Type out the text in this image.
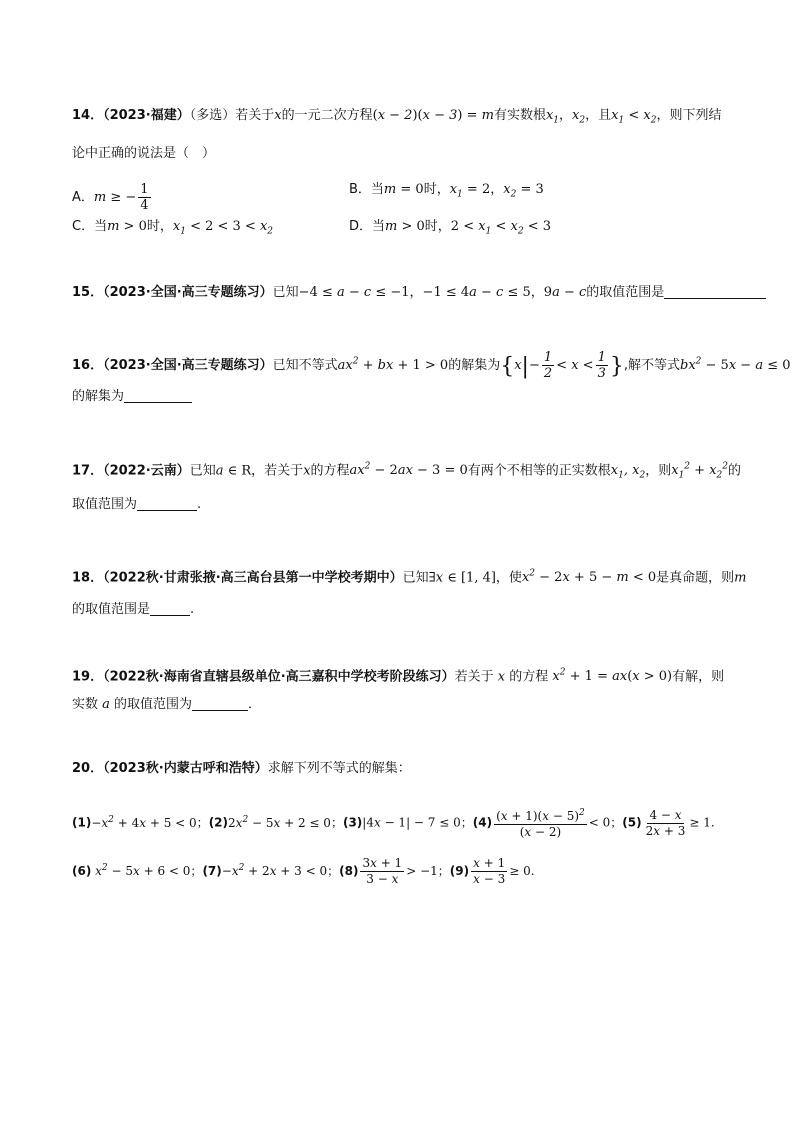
14．（2023·福建）（多选）若关于x的一元二次方程(x − 2)(x − 3) = m有实数根$x_1$，$x_2$，且$x_1 < x_2$，则下列结
论中正确的说法是（　）
A．m ≥ − $\frac{1}{4}$	B．当m = 0时，$x_1 = 2$，$x_2 = 3$
C．当m > 0时，$x_1 < 2 < 3 < x_2$	D．当m > 0时，$2 < x_1 < x_2 < 3$
15．（2023·全国·高三专题练习）已知−4 ≤ a − c ≤ −1，−1 ≤ 4a − c ≤ 5，9a − c的取值范围是
16．（2023·全国·高三专题练习）已知不等式$ax^2$ + bx + 1 > 0的解集为{$x|- \frac{1}{2} < x < \frac{1}{3}$ },解不等式$bx^2 - 5x - a \le 0$
的解集为
17．（2022·云南）已知a ∈ R，若关于x的方程$ax^2 - 2ax - 3 = 0$有两个不相等的正实数根$x_1$, $x_2$，则$x_1^2 + x_2^2$的
取值范围为	.
18．（2022秋·甘肃张掖·高三高台县第一中学校考期中）已知∃x ∈ [1, 4]，使$x^2 - 2x + 5 - m < 0$是真命题，则m
的取值范围是	.
19．（2022秋·海南省直辖县级单位·高三嘉积中学校考阶段练习）若关于 x 的方程 $x^2 + 1 = ax(x > 0)$有解，则
实数 a 的取值范围为	．
20．（2023秋·内蒙古呼和浩特）求解下列不等式的解集：
$(1)-x^2 + 4x + 5 < 0$；$(2)2x^2 - 5x + 2 \le 0$；(3)|4x − 1| − 7 ≤ 0；$(4) \frac{(x + 1)(x - 5)^2}{(x - 2)} < 0$；$(5) \frac{4 - x}{2x + 3} \ge 1$.
(6) $x^2 - 5x + 6 < 0$；$(7)-x^2 + 2x + 3 < 0$；$(8) \frac{3x + 1}{3 - x} > -1$；$(9) \frac{x + 1}{x - 3} \ge 0$.
